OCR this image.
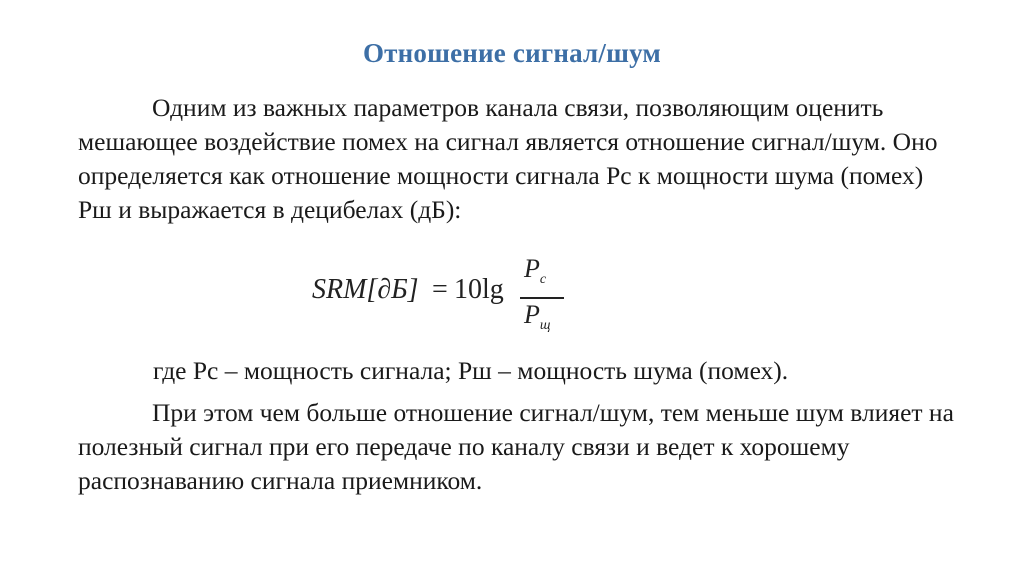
Отношение сигнал/шум
Одним из важных параметров канала связи, позволяющим оценить мешающее воздействие помех на сигнал является отношение сигнал/шум. Оно определяется как отношение мощности сигнала Рс к мощности шума (помех) Рш и выражается в децибелах (дБ):
SRM[∂Б] = 10lg
$P_c$
$P_щ$
где Рс – мощность сигнала; Рш – мощность шума (помех).
При этом чем больше отношение сигнал/шум, тем меньше шум влияет на полезный сигнал при его передаче по каналу связи и ведет к хорошему распознаванию сигнала приемником.
